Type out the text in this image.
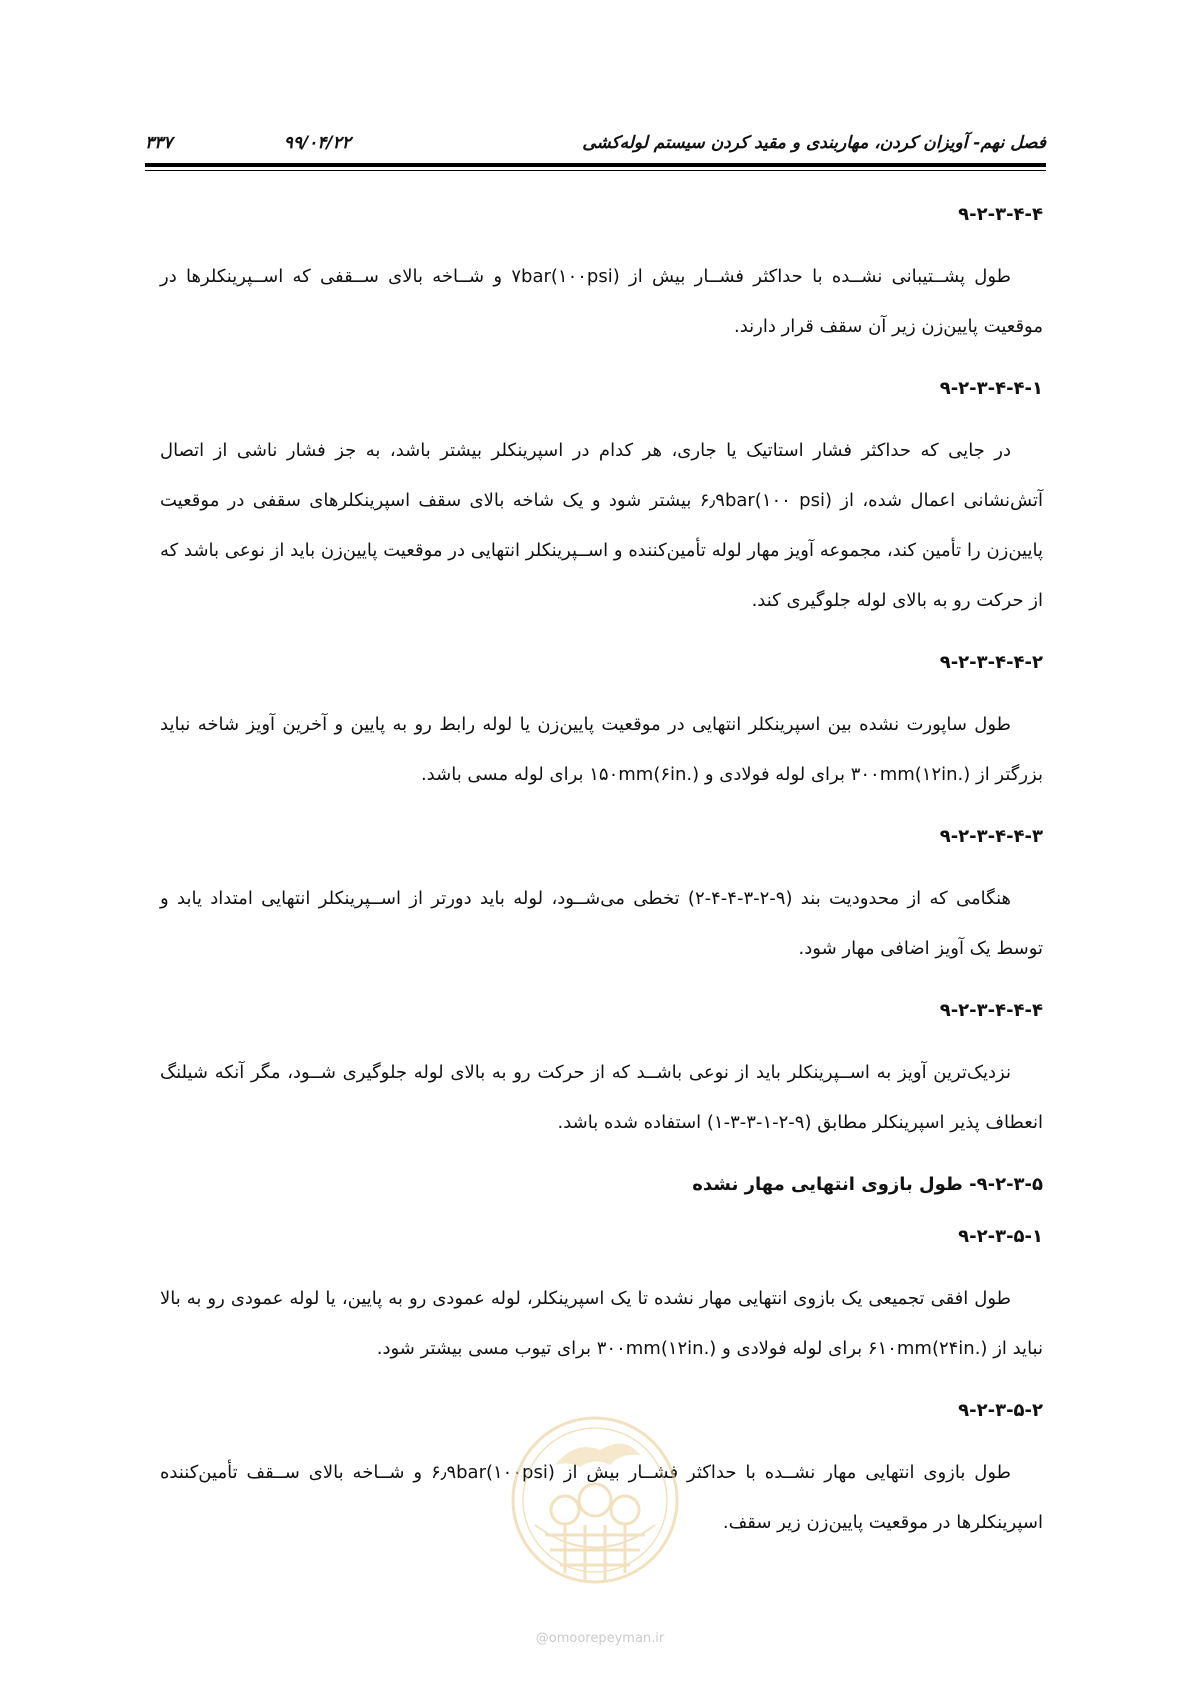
فصل نهم- آویزان کردن، مهاربندی و مقید کردن سیستم لوله‌کشی
۹۹/۰۴/۲۲
۳۳۷
۹-۲-۳-۴-۴

طول پشــتیبانی نشــده با حداکثر فشــار بیش از ۷bar(۱۰۰psi) و شــاخه بالای ســقفی که اســپرینکلرها در موقعیت پایین‌زن زیر آن سقف قرار دارند.

۹-۲-۳-۴-۴-۱

در جایی که حداکثر فشار استاتیک یا جاری، هر کدام در اسپرینکلر بیشتر باشد، به جز فشار ناشی از اتصال آتش‌نشانی اعمال شده، از ۶٫۹bar(۱۰۰ psi) بیشتر شود و یک شاخه بالای سقف اسپرینکلرهای سقفی در موقعیت پایین‌زن را تأمین کند، مجموعه آویز مهار لوله تأمین‌کننده و اســپرینکلر انتهایی در موقعیت پایین‌زن باید از نوعی باشد که از حرکت رو به بالای لوله جلوگیری کند.

۹-۲-۳-۴-۴-۲

طول ساپورت نشده بین اسپرینکلر انتهایی در موقعیت پایین‌زن یا لوله رابط رو به پایین و آخرین آویز شاخه نباید بزرگتر از ۳۰۰mm(۱۲in.) برای لوله فولادی و ۱۵۰mm(۶in.) برای لوله مسی باشد.

۹-۲-۳-۴-۴-۳

هنگامی که از محدودیت بند (۹-۲-۳-۴-۴-۲) تخطی می‌شــود، لوله باید دورتر از اســپرینکلر انتهایی امتداد یابد و توسط یک آویز اضافی مهار شود.

۹-۲-۳-۴-۴-۴

نزدیک‌ترین آویز به اســپرینکلر باید از نوعی باشــد که از حرکت رو به بالای لوله جلوگیری شــود، مگر آنکه شیلنگ انعطاف پذیر اسپرینکلر مطابق (۹-۲-۱-۳-۳-۱) استفاده شده باشد.

۹-۲-۳-۵- طول بازوی انتهایی مهار نشده
۹-۲-۳-۵-۱

طول افقی تجمیعی یک بازوی انتهایی مهار نشده تا یک اسپرینکلر، لوله عمودی رو به پایین، یا لوله عمودی رو به بالا نباید از ۶۱۰mm(۲۴in.) برای لوله فولادی و ۳۰۰mm(۱۲in.) برای تیوب مسی بیشتر شود.

۹-۲-۳-۵-۲

طول بازوی انتهایی مهار نشــده با حداکثر فشــار بیش از ۶٫۹bar(۱۰۰psi) و شــاخه بالای ســقف تأمین‌کننده اسپرینکلرها در موقعیت پایین‌زن زیر سقف.

@omoorepeyman.ir
